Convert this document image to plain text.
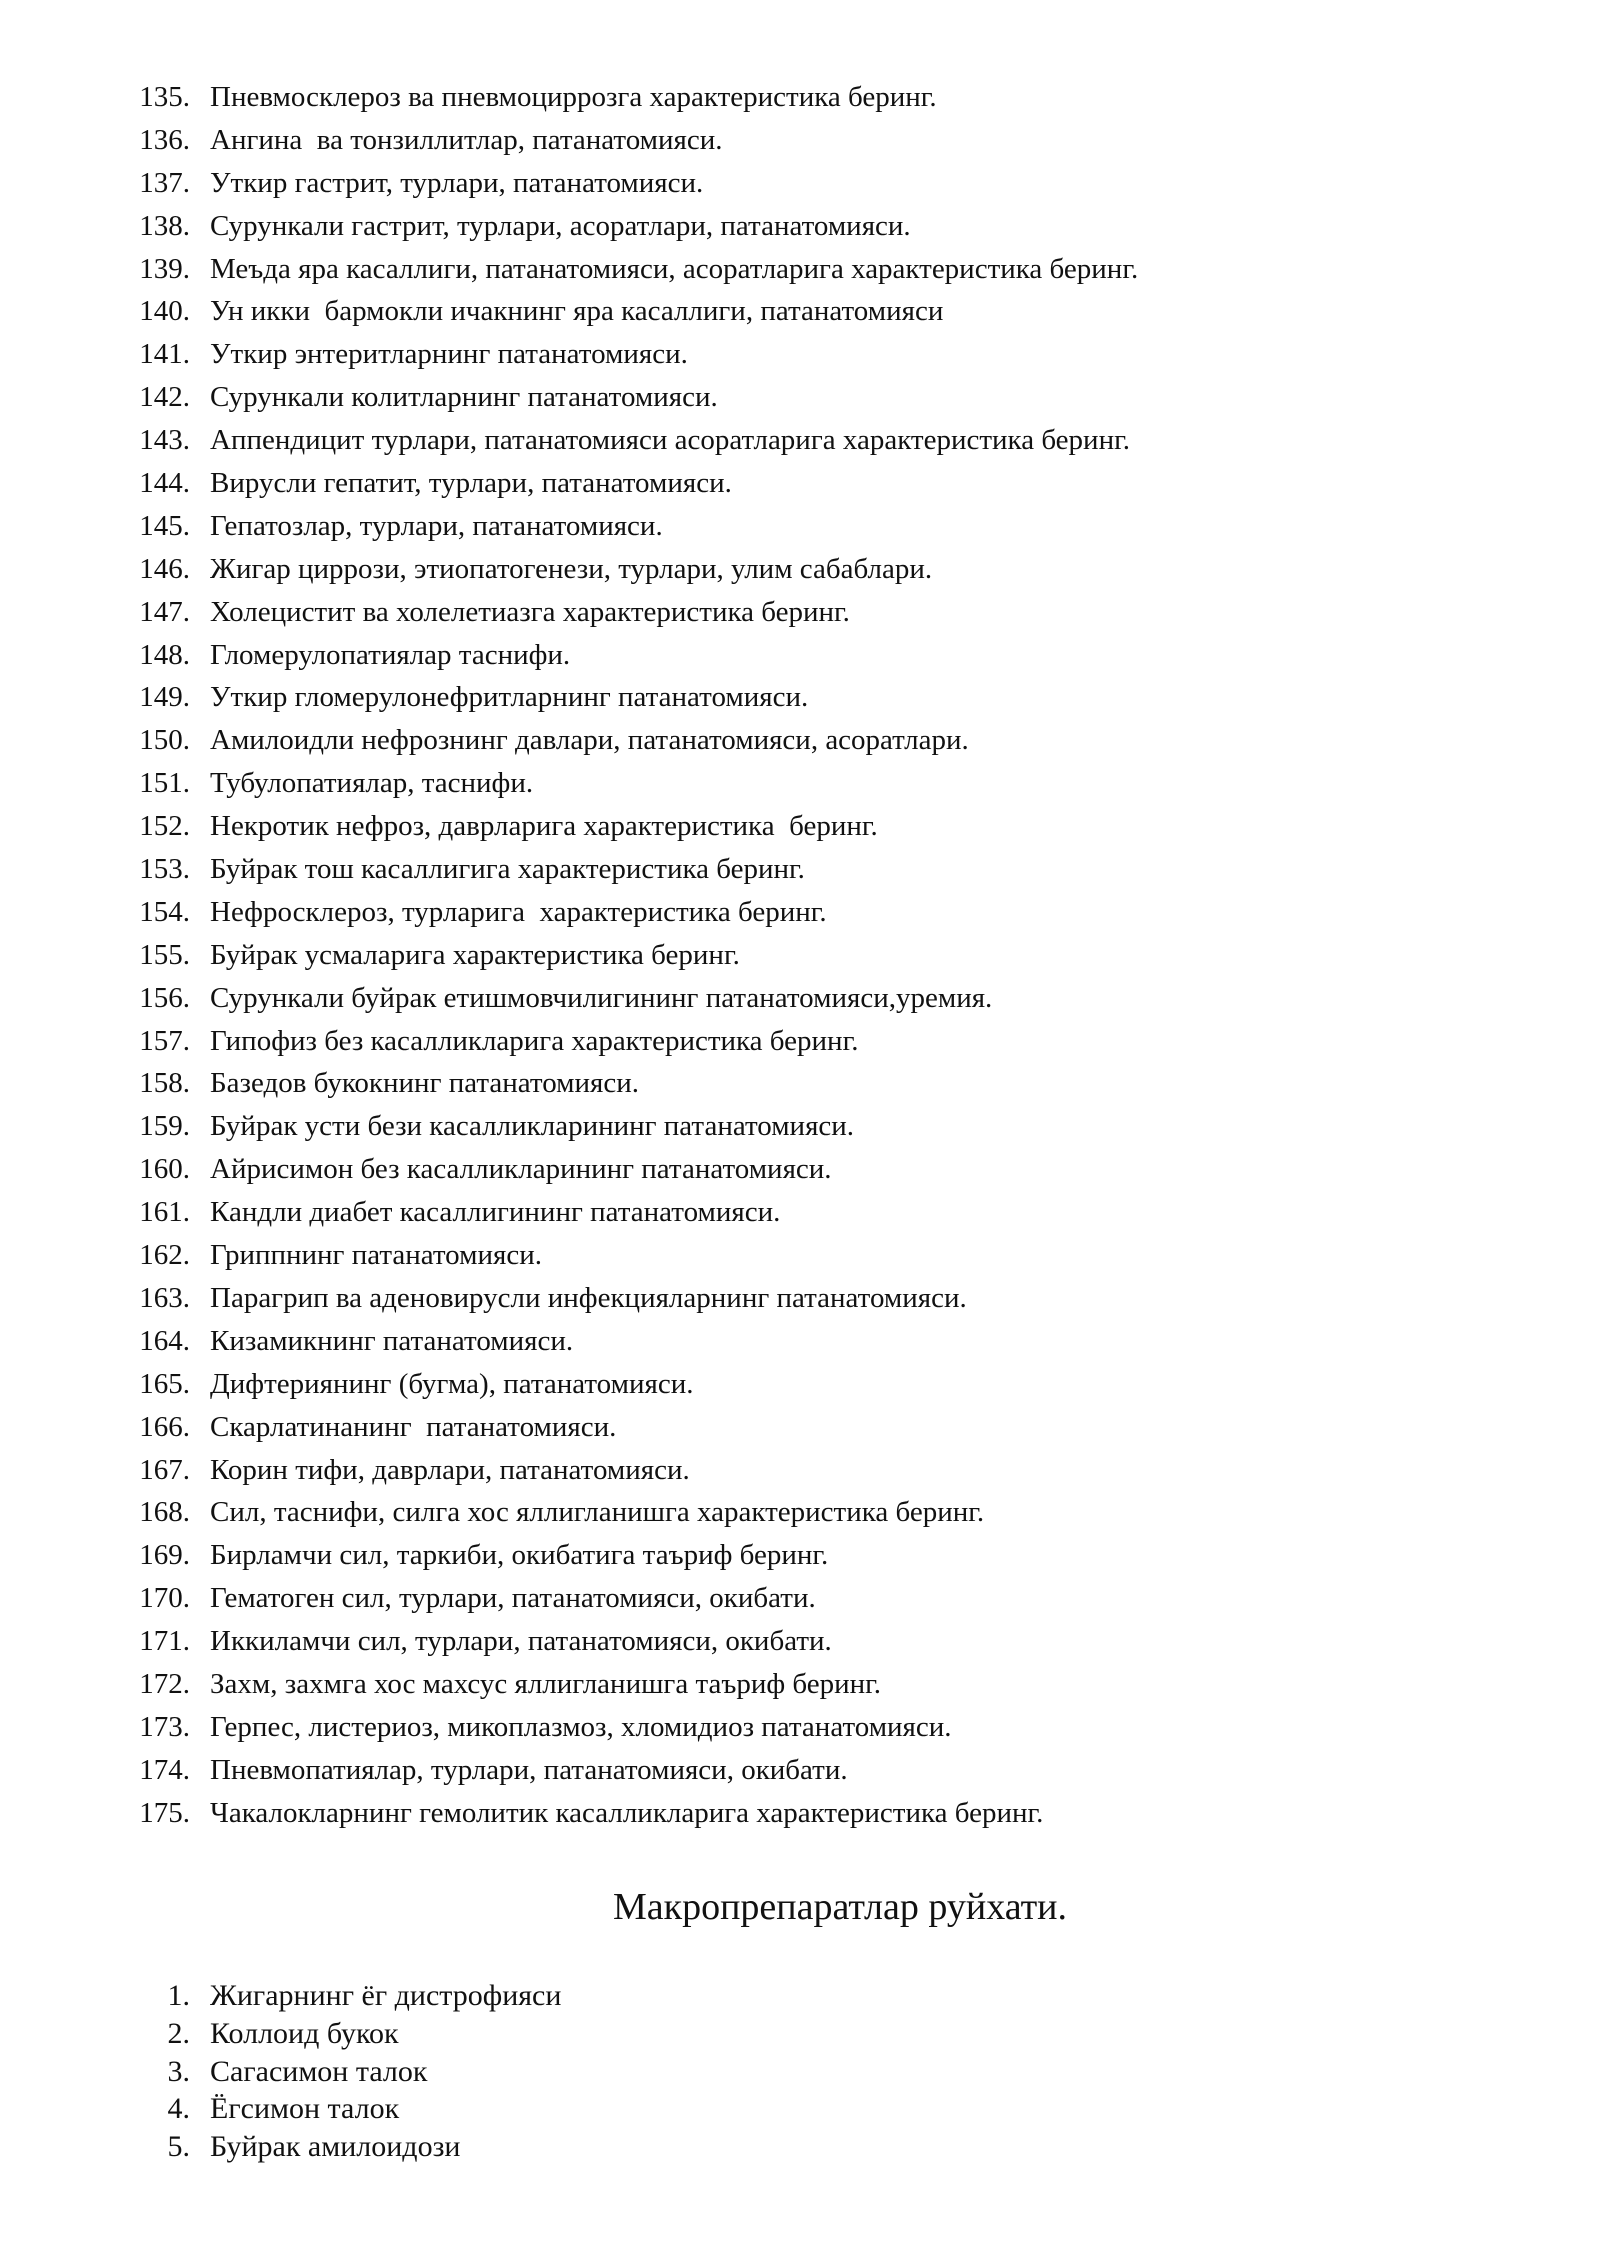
135. Пневмосклероз ва пневмоциррозга характеристика беринг.
136. Ангина  ва тонзиллитлар, патанатомияси.
137. Уткир гастрит, турлари, патанатомияси.
138. Сурункали гастрит, турлари, асоратлари, патанатомияси.
139. Меъда яра касаллиги, патанатомияси, асоратларига характеристика беринг.
140. Ун икки  бармокли ичакнинг яра касаллиги, патанатомияси
141. Уткир энтеритларнинг патанатомияси.
142. Сурункали колитларнинг патанатомияси.
143. Аппендицит турлари, патанатомияси асоратларига характеристика беринг.
144. Вирусли гепатит, турлари, патанатомияси.
145. Гепатозлар, турлари, патанатомияси.
146. Жигар циррози, этиопатогенези, турлари, улим сабаблари.
147. Холецистит ва холелетиазга характеристика беринг.
148. Гломерулопатиялар таснифи.
149. Уткир гломерулонефритларнинг патанатомияси.
150. Амилоидли нефрознинг давлари, патанатомияси, асоратлари.
151. Тубулопатиялар, таснифи.
152. Некротик нефроз, даврларига характеристика  беринг.
153. Буйрак тош касаллигига характеристика беринг.
154. Нефросклероз, турларига  характеристика беринг.
155. Буйрак усмаларига характеристика беринг.
156. Сурункали буйрак етишмовчилигининг патанатомияси,уремия.
157. Гипофиз без касалликларига характеристика беринг.
158. Базедов букокнинг патанатомияси.
159. Буйрак усти бези касалликларининг патанатомияси.
160. Айрисимон без касалликларининг патанатомияси.
161. Кандли диабет касаллигининг патанатомияси.
162. Гриппнинг патанатомияси.
163. Парагрип ва аденовирусли инфекцияларнинг патанатомияси.
164. Кизамикнинг патанатомияси.
165. Дифтериянинг (бугма), патанатомияси.
166. Скарлатинанинг  патанатомияси.
167. Корин тифи, даврлари, патанатомияси.
168. Сил, таснифи, силга хос яллигланишга характеристика беринг.
169. Бирламчи сил, таркиби, окибатига таъриф беринг.
170. Гематоген сил, турлари, патанатомияси, окибати.
171. Иккиламчи сил, турлари, патанатомияси, окибати.
172. Захм, захмга хос махсус яллигланишга таъриф беринг.
173. Герпес, листериоз, микоплазмоз, хломидиоз патанатомияси.
174. Пневмопатиялар, турлари, патанатомияси, окибати.
175. Чакалокларнинг гемолитик касалликларига характеристика беринг.
Макропрепаратлар руйхати.
1. Жигарнинг ёг дистрофияси
2. Коллоид букок
3. Сагасимон талок
4. Ёгсимон талок
5. Буйрак амилоидози
